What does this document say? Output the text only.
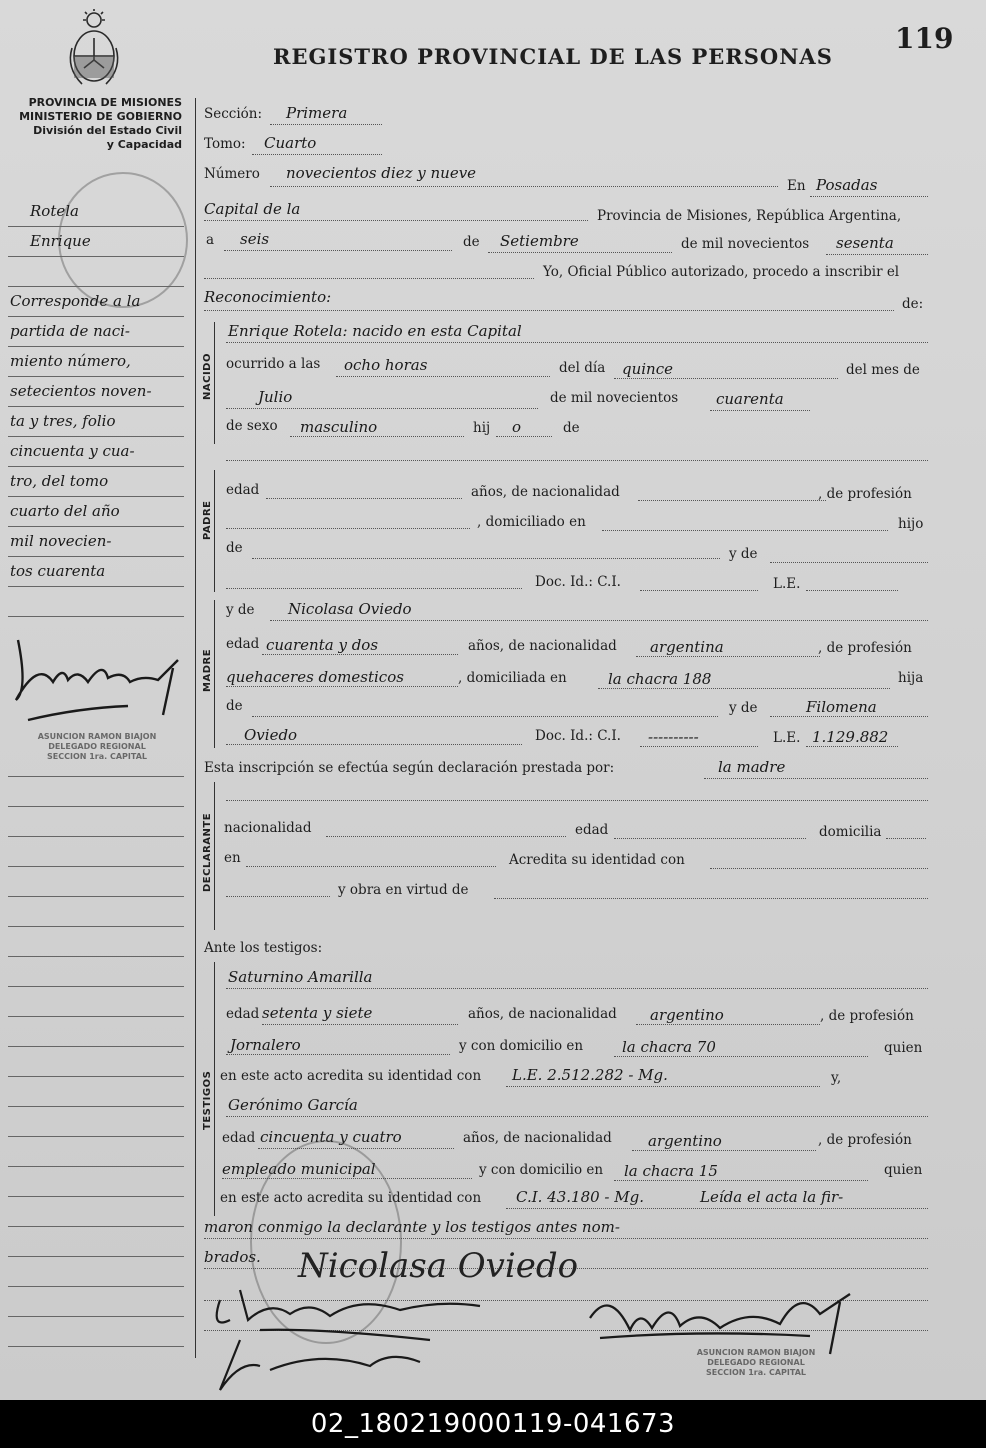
REGISTRO PROVINCIAL DE LAS PERSONAS
119
PROVINCIA DE MISIONES
MINISTERIO DE GOBIERNO
División del Estado Civil
y Capacidad
Rotela
Enrique
Corresponde a la
partida de naci-
miento número,
setecientos noven-
ta y tres, folio
cincuenta y cua-
tro, del tomo
cuarto del año
mil novecien-
tos cuarenta
ASUNCION RAMON BIAJON
DELEGADO REGIONAL
SECCION 1ra. CAPITAL
Sección: Primera
Tomo: Cuarto
Número novecientos diez y nueve
En Posadas
Capital de la	Provincia de Misiones, República Argentina,
a seis	de Setiembre	de mil novecientos sesenta
Yo, Oficial Público autorizado, procedo a inscribir el
Reconocimiento:	de:
NACIDO
Enrique Rotela: nacido en esta Capital
ocurrido a las ocho horas	del día quince	del mes de
Julio	de mil novecientos	cuarenta
de sexo masculino	hij o	de
PADRE
edad	años, de nacionalidad	, de profesión
, domiciliado en	hijo
de	y de
Doc. Id.: C.I.	L.E.
MADRE
y de Nicolasa Oviedo
edad cuarenta y dos	años, de nacionalidad argentina	, de profesión
quehaceres domesticos	, domiciliada en	la chacra 188	hija
de	y de	Filomena
Oviedo	Doc. Id.: C.I. ----------	L.E. 1.129.882
Esta inscripción se efectúa según declaración prestada por:	la madre
DECLARANTE nacionalidad	edad	domicilia
en	Acredita su identidad con
y obra en virtud de
Ante los testigos:
TESTIGOS
Saturnino Amarilla
edad setenta y siete	años, de nacionalidad argentino	, de profesión
Jornalero	y con domicilio en	la chacra 70	quien
en este acto acredita su identidad con L.E. 2.512.282 - Mg.	y,
Gerónimo García
edad cincuenta y cuatro	años, de nacionalidad argentino	, de profesión
empleado municipal	y con domicilio en la chacra 15	quien
en este acto acredita su identidad con C.I. 43.180 - Mg.	Leída el acta la fir-
maron conmigo la declarante y los testigos antes nom-
brados. Nicolasa Oviedo
ASUNCION RAMON BIAJON
DELEGADO REGIONAL
SECCION 1ra. CAPITAL
02_180219000119-041673
